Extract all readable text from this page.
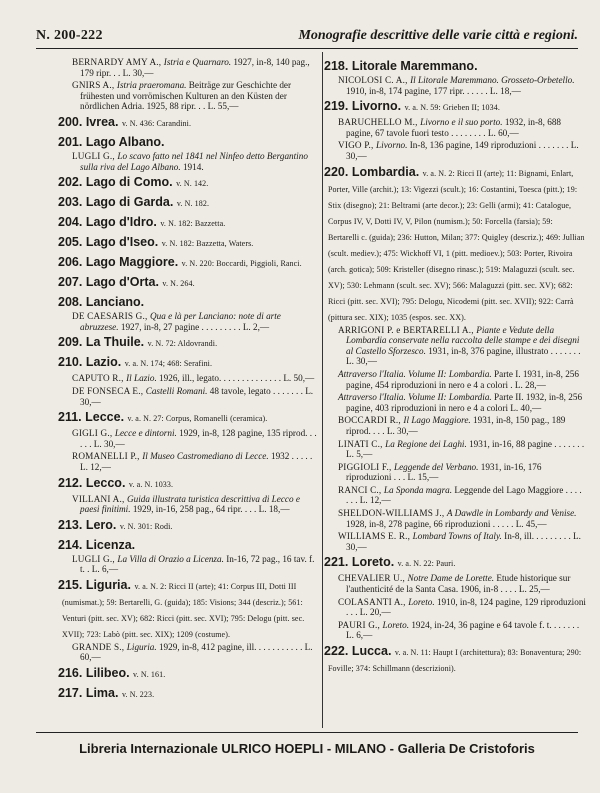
N. 200-222	Monografie descrittive delle varie città e regioni.
BERNARDY AMY A., Istria e Quarnaro. 1927, in-8, 140 pag., 179 ripr. . . L. 30,—
GNIRS A., Istria praeromana. Beiträge zur Geschichte der frühesten und vorrömischen Kulturen an den Küsten der nördlichen Adria. 1925, 88 ripr. . . L. 55,—
200. Ivrea. v. N. 436: Carandini.
201. Lago Albano.
LUGLI G., Lo scavo fatto nel 1841 nel Ninfeo detto Bergantino sulla riva del Lago Albano. 1914.
202. Lago di Como. v. N. 142.
203. Lago di Garda. v. N. 182.
204. Lago d'Idro. v. N. 182: Bazzetta.
205. Lago d'Iseo. v. N. 182: Bazzetta, Waters.
206. Lago Maggiore. v. N. 220: Boccardi, Piggioli, Ranci.
207. Lago d'Orta. v. N. 264.
208. Lanciano.
DE CAESARIS G., Qua e là per Lanciano: note di arte abruzzese. 1927, in-8, 27 pagine . . . . . . . . . L. 2,—
209. La Thuile. v. N. 72: Aldovrandi.
210. Lazio. v. a. N. 174; 468: Serafini.
CAPUTO R., Il Lazio. 1926, ill., legato. . . . . . . . . . . . . . L. 50,—
DE FONSECA E., Castelli Romani. 48 tavole, legato . . . . . . . L. 30,—
211. Lecce. v. a. N. 27: Corpus, Romanelli (ceramica).
GIGLI G., Lecce e dintorni. 1929, in-8, 128 pagine, 135 riprod. . . . . . L. 30,—
ROMANELLI P., Il Museo Castromediano di Lecce. 1932 . . . . . L. 12,—
212. Lecco. v. a. N. 1033.
VILLANI A., Guida illustrata turistica descrittiva di Lecco e paesi finitimi. 1929, in-16, 258 pag., 64 ripr. . . . L. 18,—
213. Lero. v. N. 301: Rodi.
214. Licenza.
LUGLI G., La Villa di Orazio a Licenza. In-16, 72 pag., 16 tav. f. t. . L. 6,—
215. Liguria. v. a. N. 2: Ricci II (arte); 41: Corpus III, Dotti III (numismat.); 59: Bertarelli, G. (guida); 185: Visions; 344 (descriz.); 561: Venturi (pitt. sec. XV); 682: Ricci (pitt. sec. XVI); 795: Delogu (pitt. sec. XVII); 723: Labò (pitt. sec. XIX); 1209 (costume).
GRANDE S., Liguria. 1929, in-8, 412 pagine, ill. . . . . . . . . . . L. 60,—
216. Lilibeo. v. N. 161.
217. Lima. v. N. 223.
218. Litorale Maremmano.
NICOLOSI C. A., Il Litorale Maremmano. Grosseto-Orbetello. 1910, in-8, 174 pagine, 177 ripr. . . . . . L. 18,—
219. Livorno. v. a. N. 59: Grieben II; 1034.
BARUCHELLO M., Livorno e il suo porto. 1932, in-8, 688 pagine, 67 tavole fuori testo . . . . . . . . L. 60,—
VIGO P., Livorno. In-8, 136 pagine, 149 riproduzioni . . . . . . . L. 30,—
220. Lombardia. v. a. N. 2: Ricci II (arte); 11: Bignami, Enlart, Porter, Ville (archit.); 13: Vigezzi (scult.); 16: Costantini, Toesca (pitt.); 19: Stix (disegno); 21: Beltrami (arte decor.); 23: Gelli (armi); 41: Catalogue, Corpus IV, V, Dotti IV, V, Pilon (numism.); 50: Forcella (farsia); 59: Bertarelli c. (guida); 236: Hutton, Milan; 377: Quigley (descriz.); 469: Jullian (scult. mediev.); 475: Wickhoff VI, 1 (pitt. medioev.); 503: Porter, Rivoira (arch. gotica); 509: Kristeller (disegno rinasc.); 519: Malaguzzi (scult. sec. XV); 530: Lehmann (scult. sec. XV); 566: Malaguzzi (pitt. sec. XV); 682: Ricci (pitt. sec. XVI); 795: Delogu, Nicodemi (pitt. sec. XVII); 922: Carrà (pittura sec. XIX); 1035 (espos. sec. XX).
ARRIGONI P. e BERTARELLI A., Piante e Vedute della Lombardia conservate nella raccolta delle stampe e dei disegni al Castello Sforzesco. 1931, in-8, 376 pagine, illustrato . . . . . . . L. 30,—
Attraverso l'Italia. Volume II: Lombardia. Parte I. 1931, in-8, 256 pagine, 454 riproduzioni in nero e 4 a colori . L. 28,—
Attraverso l'Italia. Volume II: Lombardia. Parte II. 1932, in-8, 256 pagine, 403 riproduzioni in nero e 4 a colori L. 40,—
BOCCARDI R., Il Lago Maggiore. 1931, in-8, 150 pag., 189 riprod. . . . L. 30,—
LINATI C., La Regione dei Laghi. 1931, in-16, 88 pagine . . . . . . . L. 5,—
PIGGIOLI F., Leggende del Verbano. 1931, in-16, 176 riproduzioni . . . L. 15,—
RANCI C., La Sponda magra. Leggende del Lago Maggiore . . . . . . . L. 12,—
SHELDON-WILLIAMS J., A Dawdle in Lombardy and Venise. 1928, in-8, 278 pagine, 66 riproduzioni . . . . . L. 45,—
WILLIAMS E. R., Lombard Towns of Italy. In-8, ill. . . . . . . . . L. 30,—
221. Loreto. v. a. N. 22: Pauri.
CHEVALIER U., Notre Dame de Lorette. Etude historique sur l'authenticité de la Santa Casa. 1906, in-8 . . . . L. 25,—
COLASANTI A., Loreto. 1910, in-8, 124 pagine, 129 riproduzioni . . . L. 20,—
PAURI G., Loreto. 1924, in-24, 36 pagine e 64 tavole f. t. . . . . . . L. 6,—
222. Lucca. v. a. N. 11: Haupt I (architettura); 83: Bonaventura; 290: Foville; 374: Schillmann (descrizioni).
Libreria Internazionale ULRICO HOEPLI - MILANO - Galleria De Cristoforis
